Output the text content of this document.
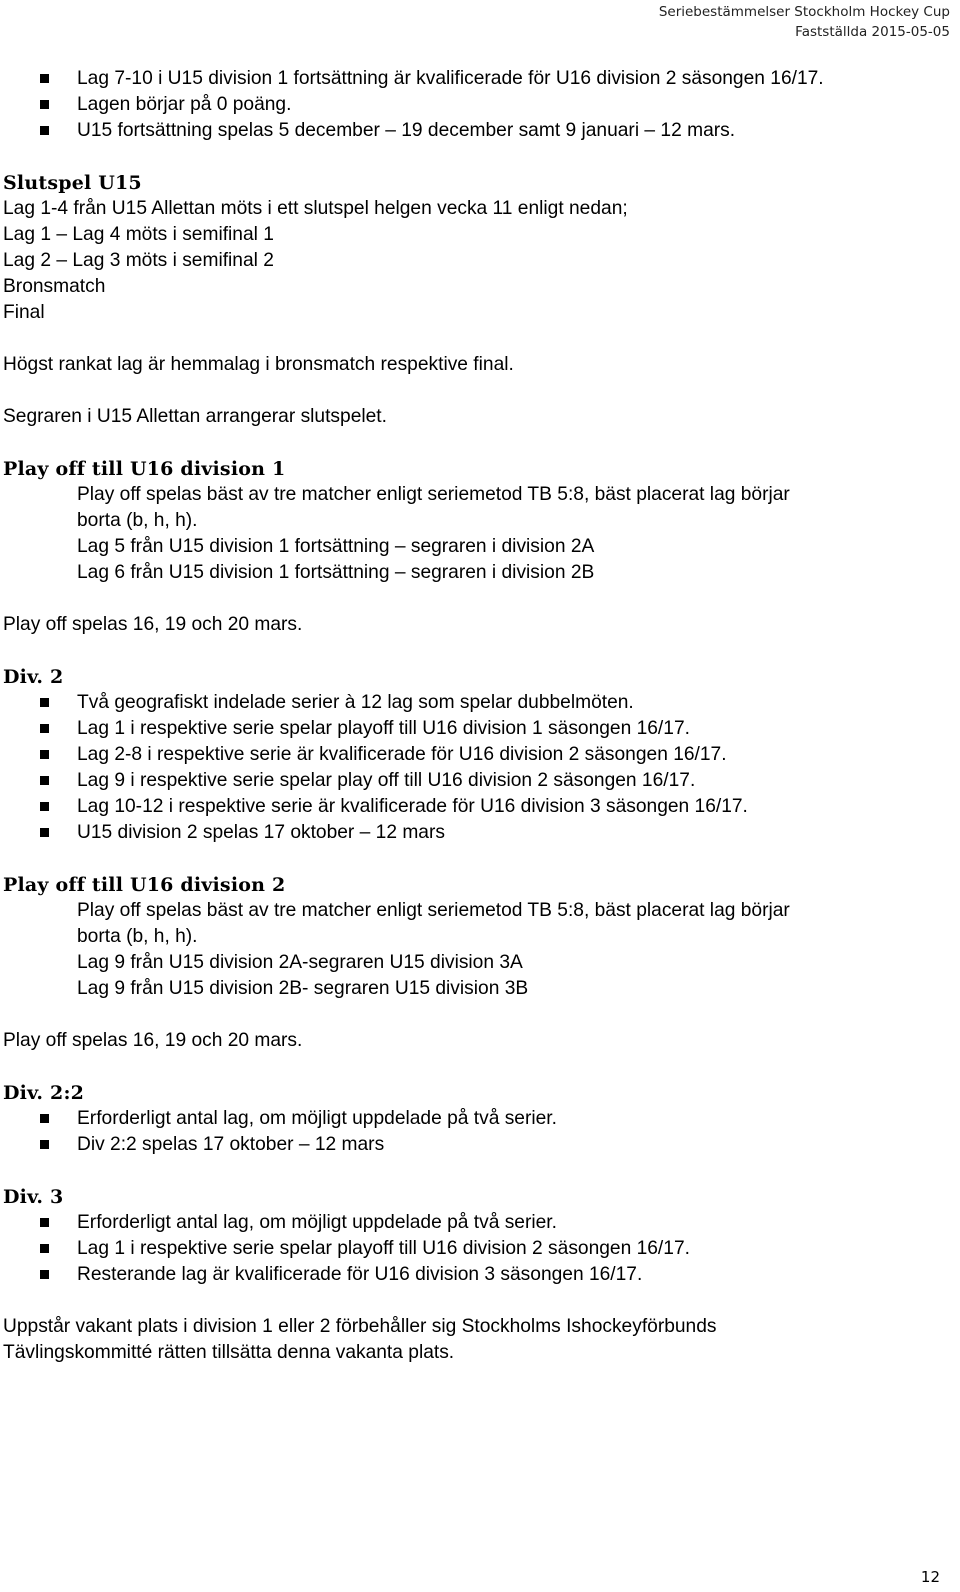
Seriebestämmelser Stockholm Hockey Cup
Fastställda 2015-05-05

Lag 7-10 i U15 division 1 fortsättning är kvalificerade för U16 division 2 säsongen 16/17.

Lagen börjar på 0 poäng.

U15 fortsättning spelas 5 december – 19 december samt 9 januari – 12 mars.

Slutspel U15

Lag 1-4 från U15 Allettan möts i ett slutspel helgen vecka 11 enligt nedan;

Lag 1 – Lag 4 möts i semifinal 1

Lag 2 – Lag 3 möts i semifinal 2

Bronsmatch

Final

Högst rankat lag är hemmalag i bronsmatch respektive final.

Segraren i U15 Allettan arrangerar slutspelet.

Play off till U16 division 1

Play off spelas bäst av tre matcher enligt seriemetod TB 5:8, bäst placerat lag börjar

borta (b, h, h).

Lag 5 från U15 division 1 fortsättning – segraren i division 2A

Lag 6 från U15 division 1 fortsättning – segraren i division 2B

Play off spelas 16, 19 och 20 mars.

Div. 2

Två geografiskt indelade serier à 12 lag som spelar dubbelmöten.

Lag 1 i respektive serie spelar playoff till U16 division 1 säsongen 16/17.

Lag 2-8 i respektive serie är kvalificerade för U16 division 2 säsongen 16/17.

Lag 9 i respektive serie spelar play off till U16 division 2 säsongen 16/17.

Lag 10-12 i respektive serie är kvalificerade för U16 division 3 säsongen 16/17.

U15 division 2 spelas 17 oktober – 12 mars

Play off till U16 division 2

Play off spelas bäst av tre matcher enligt seriemetod TB 5:8, bäst placerat lag börjar

borta (b, h, h).

Lag 9 från U15 division 2A-segraren U15 division 3A

Lag 9 från U15 division 2B- segraren U15 division 3B

Play off spelas 16, 19 och 20 mars.

Div. 2:2

Erforderligt antal lag, om möjligt uppdelade på två serier.

Div 2:2 spelas 17 oktober – 12 mars

Div. 3

Erforderligt antal lag, om möjligt uppdelade på två serier.

Lag 1 i respektive serie spelar playoff till U16 division 2 säsongen 16/17.

Resterande lag är kvalificerade för U16 division 3 säsongen 16/17.

Uppstår vakant plats i division 1 eller 2 förbehåller sig Stockholms Ishockeyförbunds

Tävlingskommitté rätten tillsätta denna vakanta plats.

12
